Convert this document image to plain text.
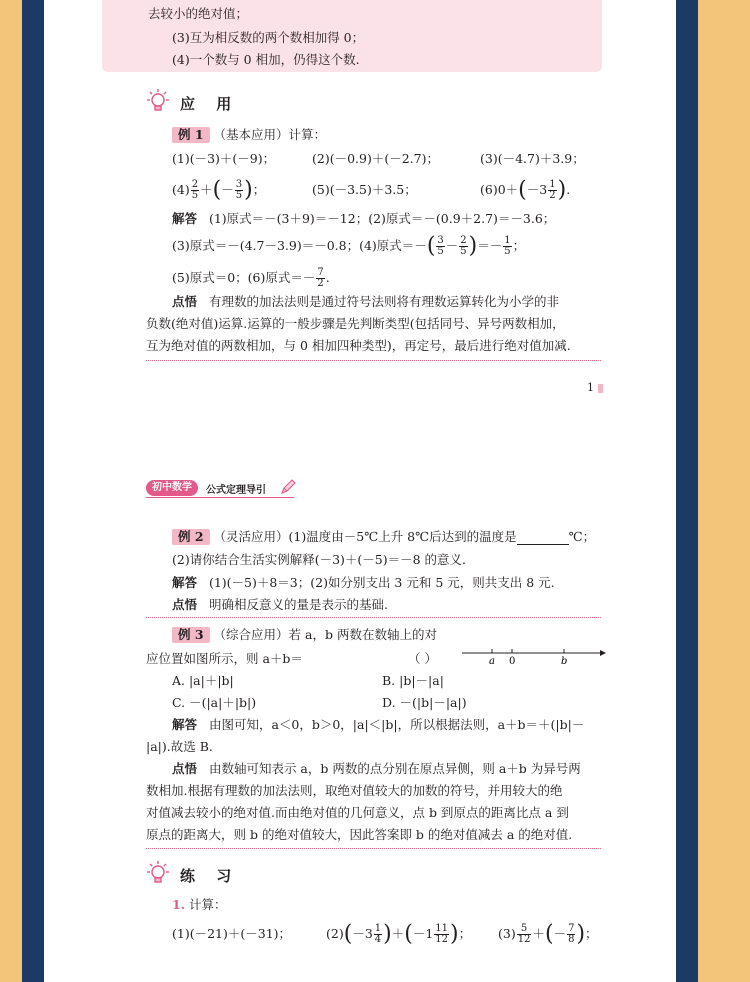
去较小的绝对值；
(3)互为相反数的两个数相加得 0；
(4)一个数与 0 相加，仍得这个数.
应 用
例 1 （基本应用）计算：
(1)(－3)＋(－9)；	(2)(－0.9)＋(－2.7)；	(3)(－4.7)＋3.9；
$(4) \frac{2}{5}$ ＋(－ $\frac{3}{5}$ )；	(5)(－3.5)＋3.5；	$(6)0+(-3 \frac{1}{2}$ ).
解答 (1)原式＝－(3＋9)＝－12；(2)原式＝－(0.9＋2.7)＝－3.6；
(3)原式＝－(4.7－3.9)＝－0.8；(4)原式＝－( $\frac{3}{5} - \frac{2}{5}$ )＝－ $\frac{1}{5}$ ；
(5)原式＝0；(6)原式＝－ $\frac{7}{2}$ .
点悟 有理数的加法法则是通过符号法则将有理数运算转化为小学的非
负数(绝对值)运算.运算的一般步骤是先判断类型(包括同号、异号两数相加，
互为绝对值的两数相加，与 0 相加四种类型)，再定号，最后进行绝对值加减.
1
初中数学	公式定理导引
例 2 （灵活应用）(1)温度由－5℃上升 8℃后达到的温度是	℃；
(2)请你结合生活实例解释(－3)＋(－5)＝－8 的意义.
解答 (1)(－5)＋8＝3；(2)如分别支出 3 元和 5 元，则共支出 8 元.
点悟 明确相反意义的量是表示的基础.
例 3 （综合应用）若 a，b 两数在数轴上的对
应位置如图所示，则 a＋b＝	（ ）	a 0	b
A. |a|＋|b|	B. |b|－|a|
C. －(|a|＋|b|)	D. －(|b|－|a|)
解答 由图可知，a＜0，b＞0，|a|＜|b|，所以根据法则，a＋b＝＋(|b|－
|a|).故选 B.
点悟 由数轴可知表示 a，b 两数的点分别在原点异侧，则 a＋b 为异号两
数相加.根据有理数的加法法则，取绝对值较大的加数的符号，并用较大的绝
对值减去较小的绝对值.而由绝对值的几何意义，点 b 到原点的距离比点 a 到
原点的距离大，则 b 的绝对值较大，因此答案即 b 的绝对值减去 a 的绝对值.
练 习
1. 计算：
(1)(－21)＋(－31)；	$(2)(-3 \frac{1}{4} )+(-1 \frac{11}{12}$ )； $(3) \frac{5}{12}$ ＋(－ $\frac{7}{8}$ )；
